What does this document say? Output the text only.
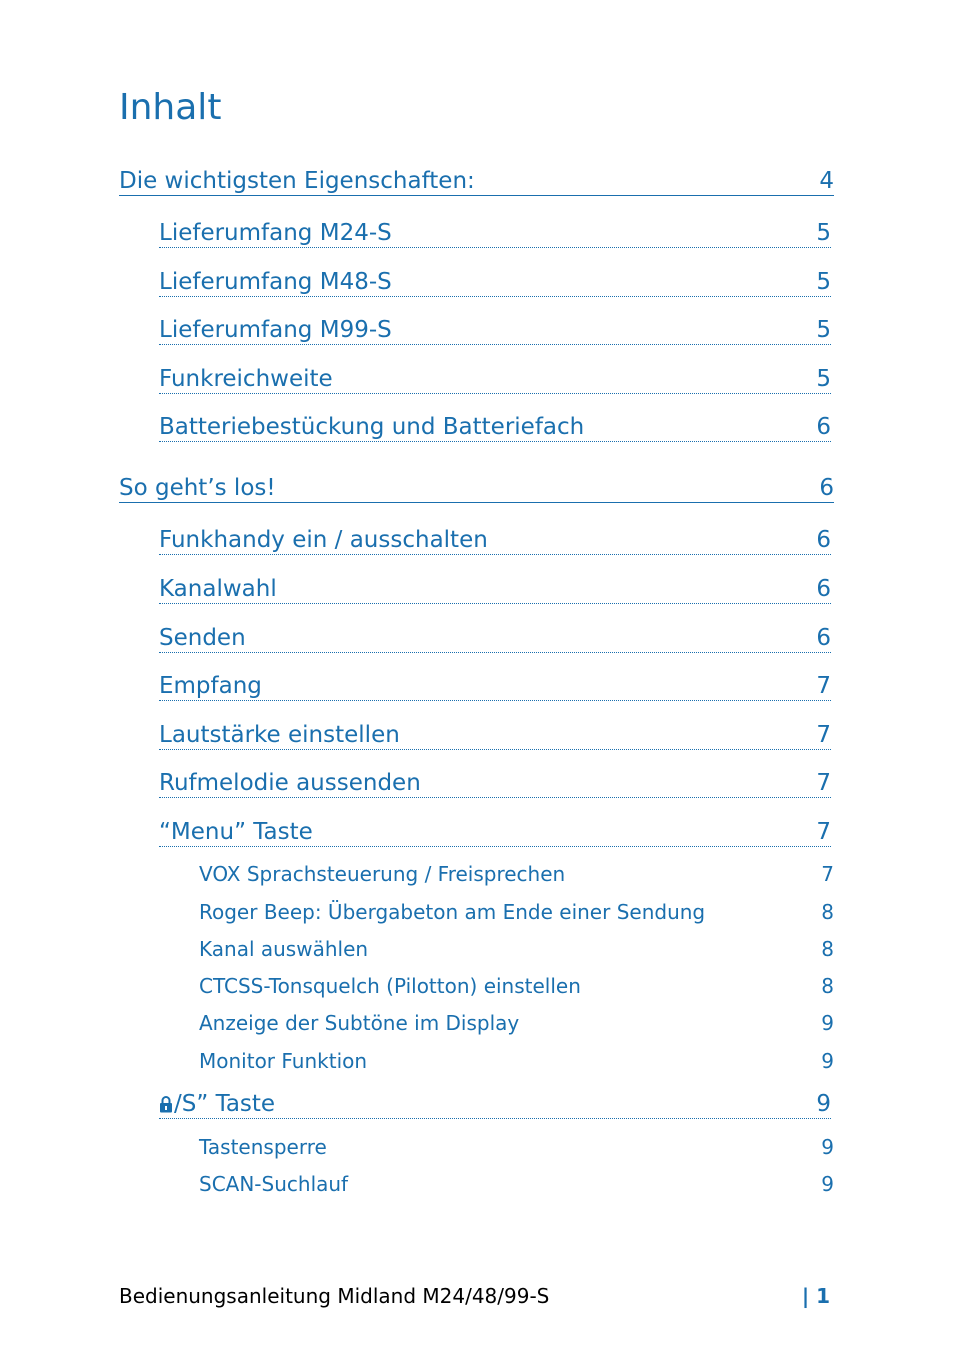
Inhalt
Die wichtigsten Eigenschaften:	4
Lieferumfang M24-S	5
Lieferumfang M48-S	5
Lieferumfang M99-S	5
Funkreichweite	5
Batteriebestückung und Batteriefach	6
So geht’s los!	6
Funkhandy ein / ausschalten	6
Kanalwahl	6
Senden	6
Empfang	7
Lautstärke einstellen	7
Rufmelodie aussenden	7
“Menu” Taste	7
VOX Sprachsteuerung / Freisprechen	7
Roger Beep: Übergabeton am Ende einer Sendung	8
Kanal auswählen	8
CTCSS-Tonsquelch (Pilotton) einstellen	8
Anzeige der Subtöne im Display	9
Monitor Funktion	9
/S” Taste	9
Tastensperre	9
SCAN-Suchlauf	9
Bedienungsanleitung Midland M24/48/99-S	| 1
